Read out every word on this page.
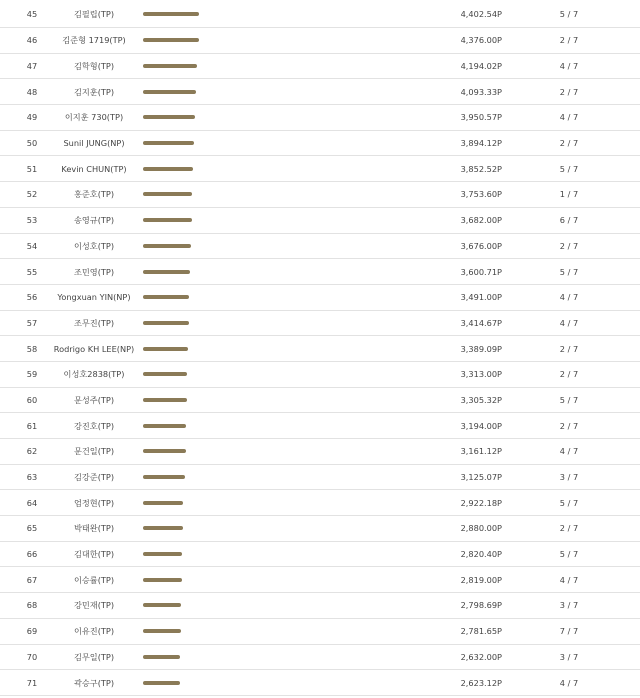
45	김필립(TP)	4,402.54P	5 / 7
46	김준형 1719(TP)	4,376.00P	2 / 7
47	김학형(TP)	4,194.02P	4 / 7
48	김지훈(TP)	4,093.33P	2 / 7
49	이지훈 730(TP)	3,950.57P	4 / 7
50	Sunil JUNG(NP)	3,894.12P	2 / 7
51	Kevin CHUN(TP)	3,852.52P	5 / 7
52	홍준호(TP)	3,753.60P	1 / 7
53	송영규(TP)	3,682.00P	6 / 7
54	이성호(TP)	3,676.00P	2 / 7
55	조민영(TP)	3,600.71P	5 / 7
56 Yongxuan YIN(NP)	3,491.00P	4 / 7
57	조무진(TP)	3,414.67P	4 / 7
58 Rodrigo KH LEE(NP)	3,389.09P	2 / 7
59	이성호2838(TP)	3,313.00P	2 / 7
60	문성주(TP)	3,305.32P	5 / 7
61	강진호(TP)	3,194.00P	2 / 7
62	문건일(TP)	3,161.12P	4 / 7
63	김강준(TP)	3,125.07P	3 / 7
64	엄정현(TP)	2,922.18P	5 / 7
65	박태완(TP)	2,880.00P	2 / 7
66	김대한(TP)	2,820.40P	5 / 7
67	이승률(TP)	2,819.00P	4 / 7
68	강민재(TP)	2,798.69P	3 / 7
69	이유진(TP)	2,781.65P	7 / 7
70	김무일(TP)	2,632.00P	3 / 7
71	곽승구(TP)	2,623.12P	4 / 7
